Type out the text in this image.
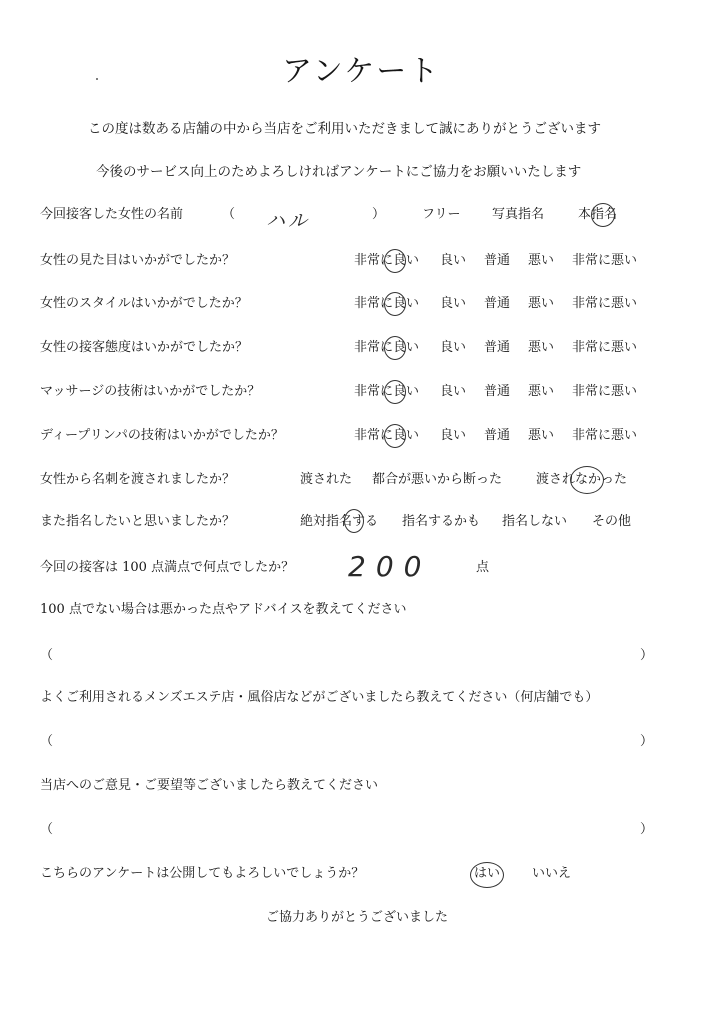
アンケート
この度は数ある店舗の中から当店をご利用いただきまして誠にありがとうございます
今後のサービス向上のためよろしければアンケートにご協力をお願いいたします
今回接客した女性の名前	（ ハル	）	フリー 写真指名	本指名
女性の見た目はいかがでしたか？	非常に良い 良い 普通 悪い 非常に悪い
女性のスタイルはいかがでしたか？	非常に良い 良い 普通 悪い 非常に悪い
女性の接客態度はいかがでしたか？	非常に良い 良い 普通 悪い 非常に悪い
マッサージの技術はいかがでしたか？	非常に良い 良い 普通 悪い 非常に悪い
ディープリンパの技術はいかがでしたか？	非常に良い 良い 普通 悪い 非常に悪い
女性から名刺を渡されましたか？	渡された 都合が悪いから断った	渡されなかった
また指名したいと思いましたか？	絶対指名する 指名するかも 指名しない その他
今回の接客は 100 点満点で何点でしたか？ 200	点
100 点でない場合は悪かった点やアドバイスを教えてください
（	）
よくご利用されるメンズエステ店・風俗店などがございましたら教えてください（何店舗でも）
（	）
当店へのご意見・ご要望等ございましたら教えてください
（	）
こちらのアンケートは公開してもよろしいでしょうか？	はい いいえ
ご協力ありがとうございました
